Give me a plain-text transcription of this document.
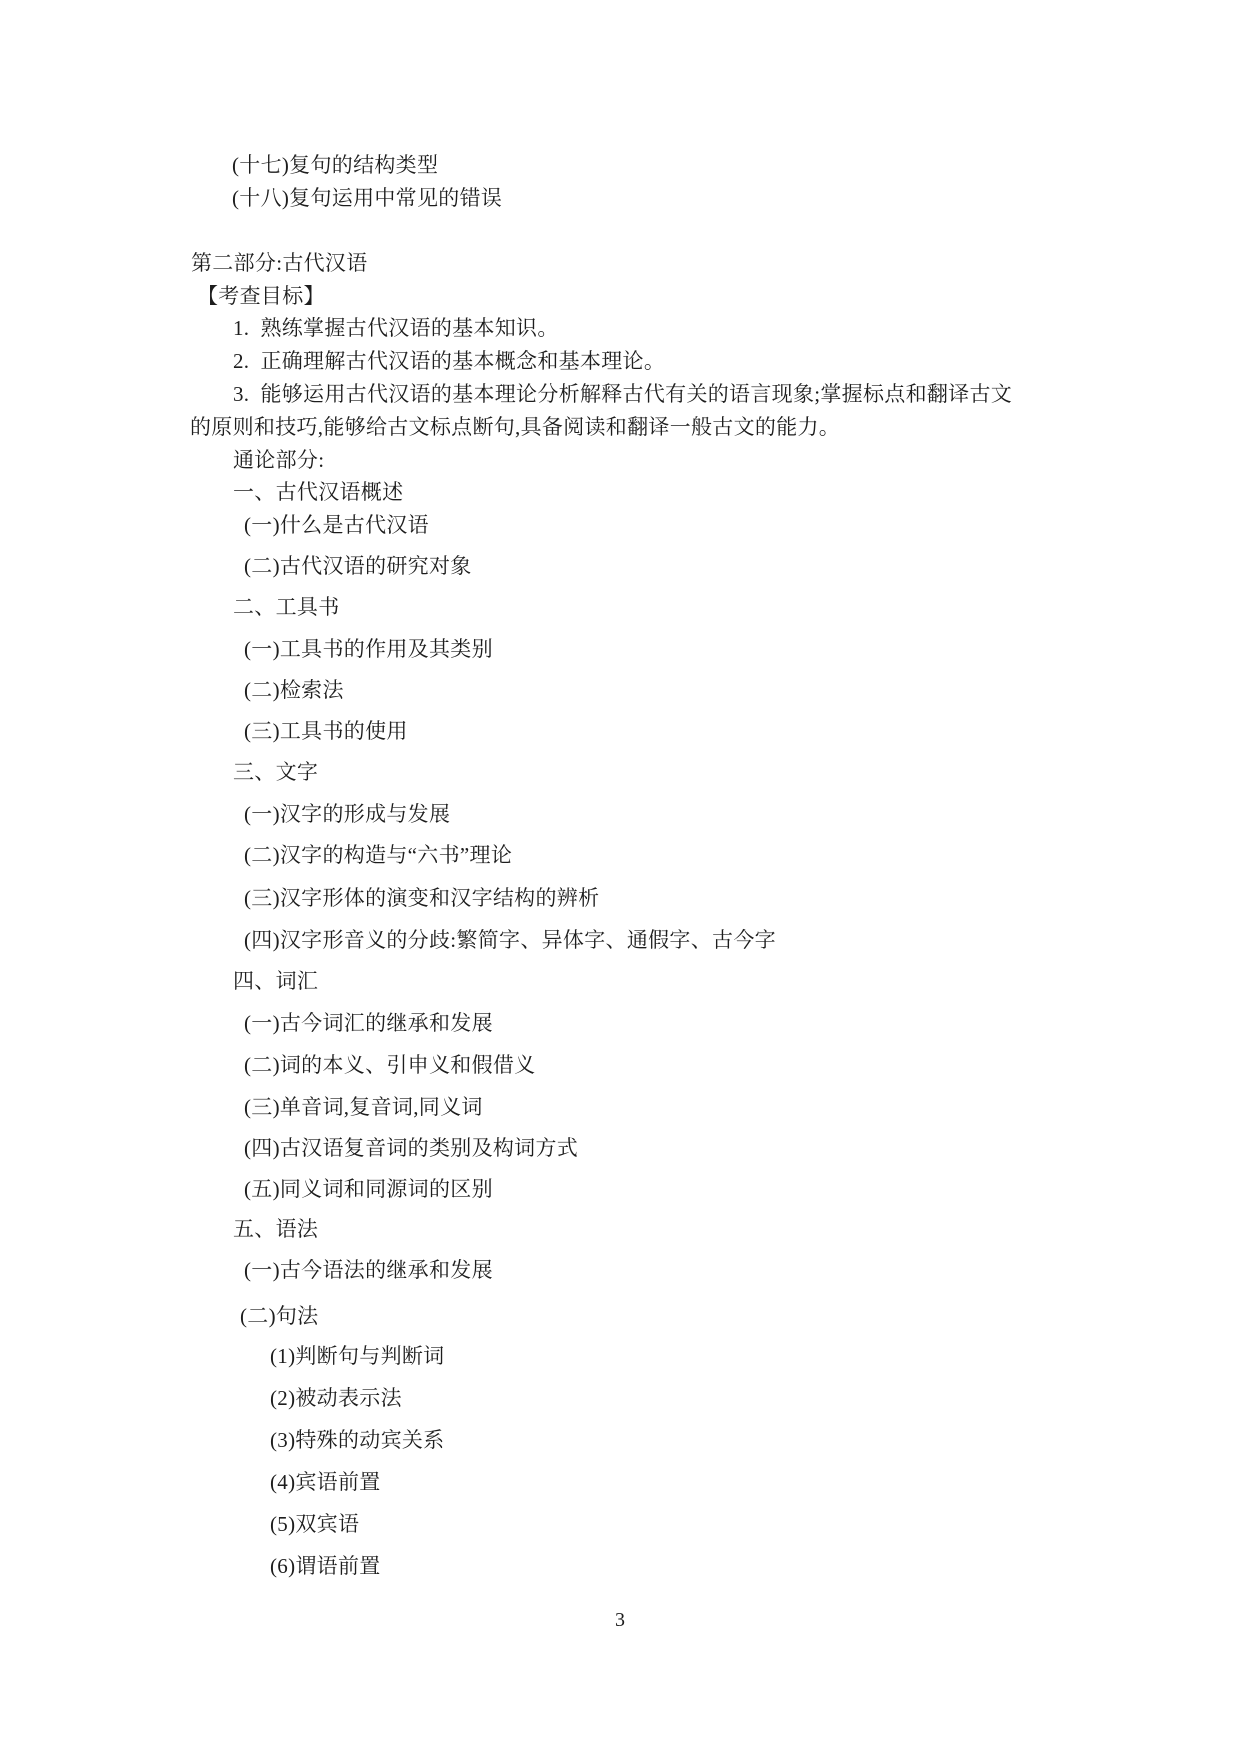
(十七)复句的结构类型
(十八)复句运用中常见的错误
第二部分:古代汉语
【考查目标】
1.  熟练掌握古代汉语的基本知识。
2.  正确理解古代汉语的基本概念和基本理论。
3.  能够运用古代汉语的基本理论分析解释古代有关的语言现象;掌握标点和翻译古文
的原则和技巧,能够给古文标点断句,具备阅读和翻译一般古文的能力。
通论部分:
一、古代汉语概述
(一)什么是古代汉语
(二)古代汉语的研究对象
二、工具书
(一)工具书的作用及其类别
(二)检索法
(三)工具书的使用
三、文字
(一)汉字的形成与发展
(二)汉字的构造与“六书”理论
(三)汉字形体的演变和汉字结构的辨析
(四)汉字形音义的分歧:繁简字、异体字、通假字、古今字
四、词汇
(一)古今词汇的继承和发展
(二)词的本义、引申义和假借义
(三)单音词,复音词,同义词
(四)古汉语复音词的类别及构词方式
(五)同义词和同源词的区别
五、语法
(一)古今语法的继承和发展
(二)句法
(1)判断句与判断词
(2)被动表示法
(3)特殊的动宾关系
(4)宾语前置
(5)双宾语
(6)谓语前置
3
